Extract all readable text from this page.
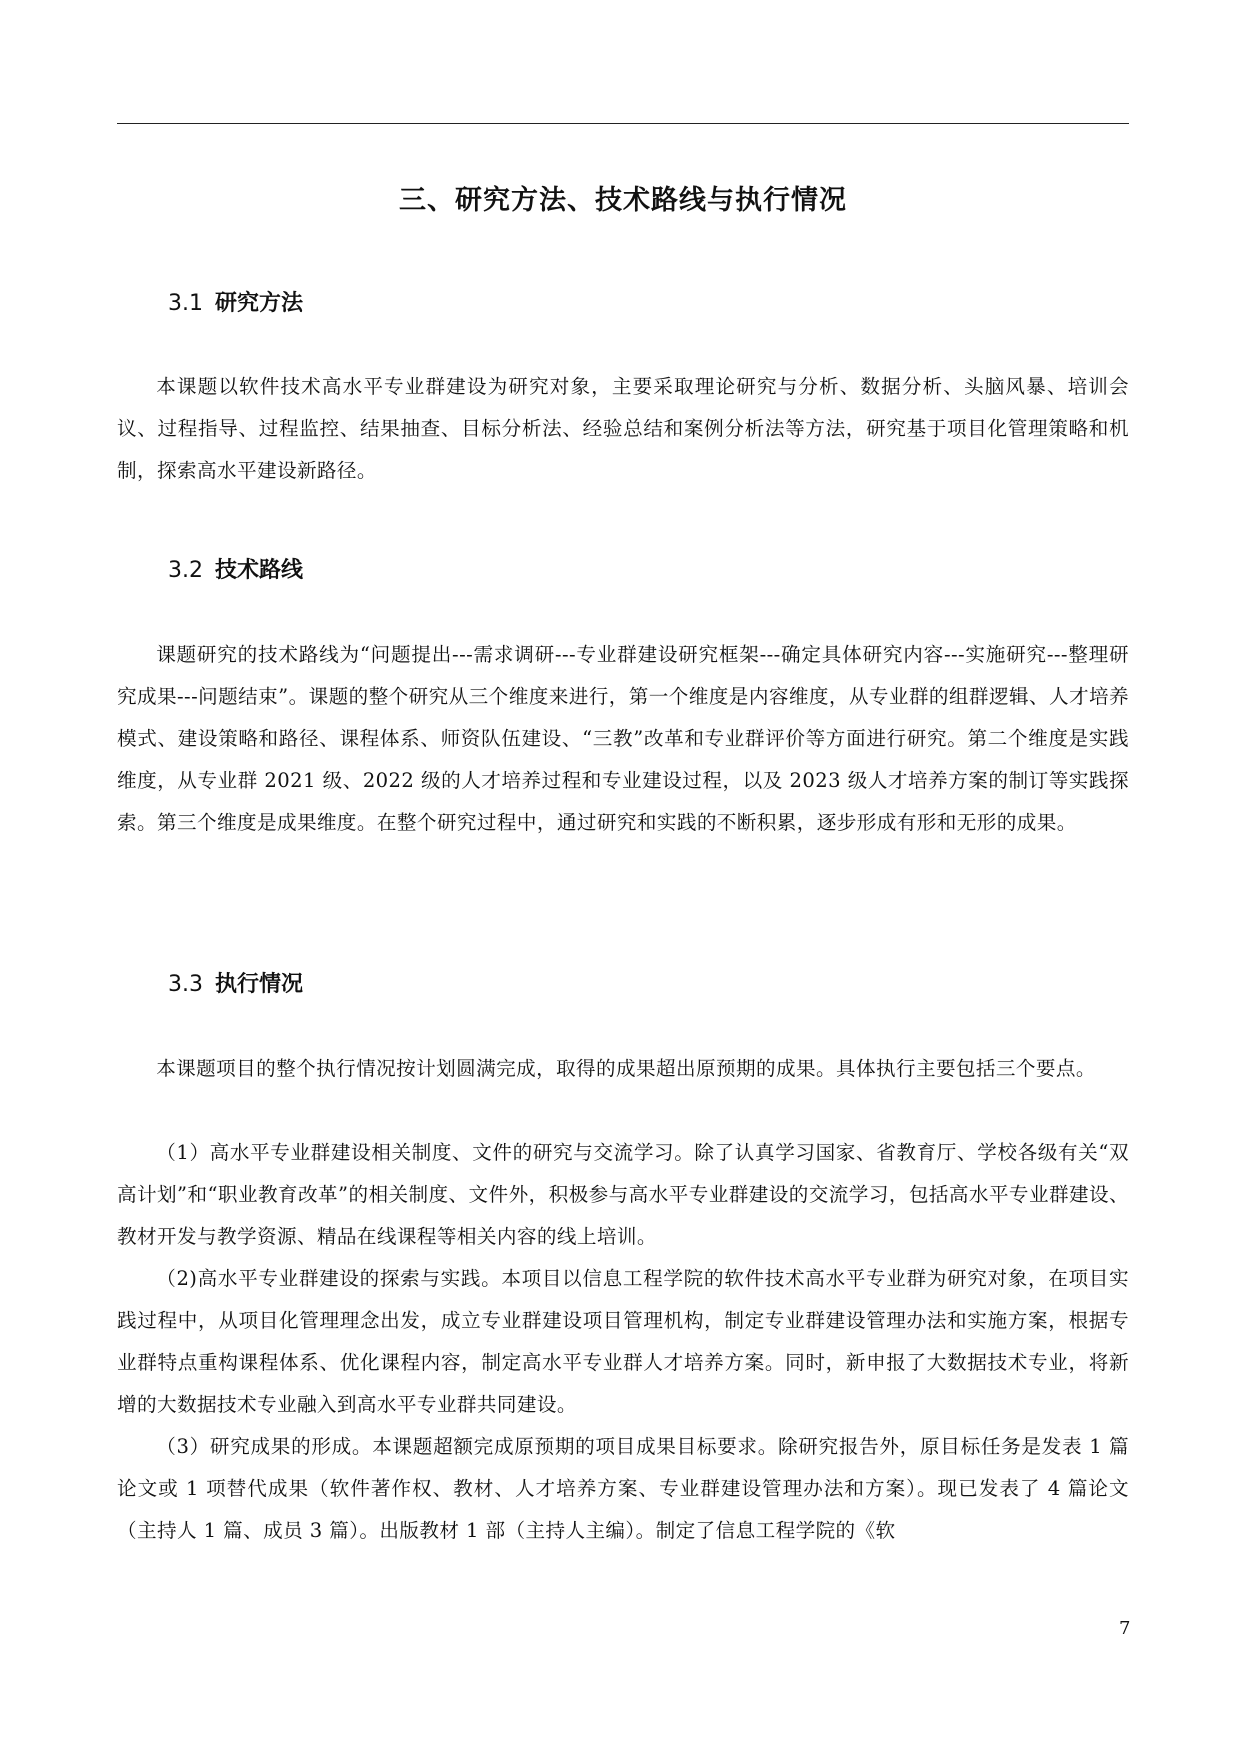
三、研究方法、技术路线与执行情况
3.1 研究方法

本课题以软件技术高水平专业群建设为研究对象，主要采取理论研究与分析、数据分析、头脑风暴、培训会议、过程指导、过程监控、结果抽查、目标分析法、经验总结和案例分析法等方法，研究基于项目化管理策略和机制，探索高水平建设新路径。

3.2 技术路线

课题研究的技术路线为“问题提出---需求调研---专业群建设研究框架---确定具体研究内容---实施研究---整理研究成果---问题结束”。课题的整个研究从三个维度来进行，第一个维度是内容维度，从专业群的组群逻辑、人才培养模式、建设策略和路径、课程体系、师资队伍建设、“三教”改革和专业群评价等方面进行研究。第二个维度是实践维度，从专业群 2021 级、2022 级的人才培养过程和专业建设过程，以及 2023 级人才培养方案的制订等实践探索。第三个维度是成果维度。在整个研究过程中，通过研究和实践的不断积累，逐步形成有形和无形的成果。

3.3 执行情况

本课题项目的整个执行情况按计划圆满完成，取得的成果超出原预期的成果。具体执行主要包括三个要点。

（1）高水平专业群建设相关制度、文件的研究与交流学习。除了认真学习国家、省教育厅、学校各级有关“双高计划”和“职业教育改革”的相关制度、文件外，积极参与高水平专业群建设的交流学习，包括高水平专业群建设、教材开发与教学资源、精品在线课程等相关内容的线上培训。

（2)高水平专业群建设的探索与实践。本项目以信息工程学院的软件技术高水平专业群为研究对象，在项目实践过程中，从项目化管理理念出发，成立专业群建设项目管理机构，制定专业群建设管理办法和实施方案，根据专业群特点重构课程体系、优化课程内容，制定高水平专业群人才培养方案。同时，新申报了大数据技术专业，将新增的大数据技术专业融入到高水平专业群共同建设。

（3）研究成果的形成。本课题超额完成原预期的项目成果目标要求。除研究报告外，原目标任务是发表 1 篇论文或 1 项替代成果（软件著作权、教材、人才培养方案、专业群建设管理办法和方案）。现已发表了 4 篇论文（主持人 1 篇、成员 3 篇）。出版教材 1 部（主持人主编）。制定了信息工程学院的《软

7
